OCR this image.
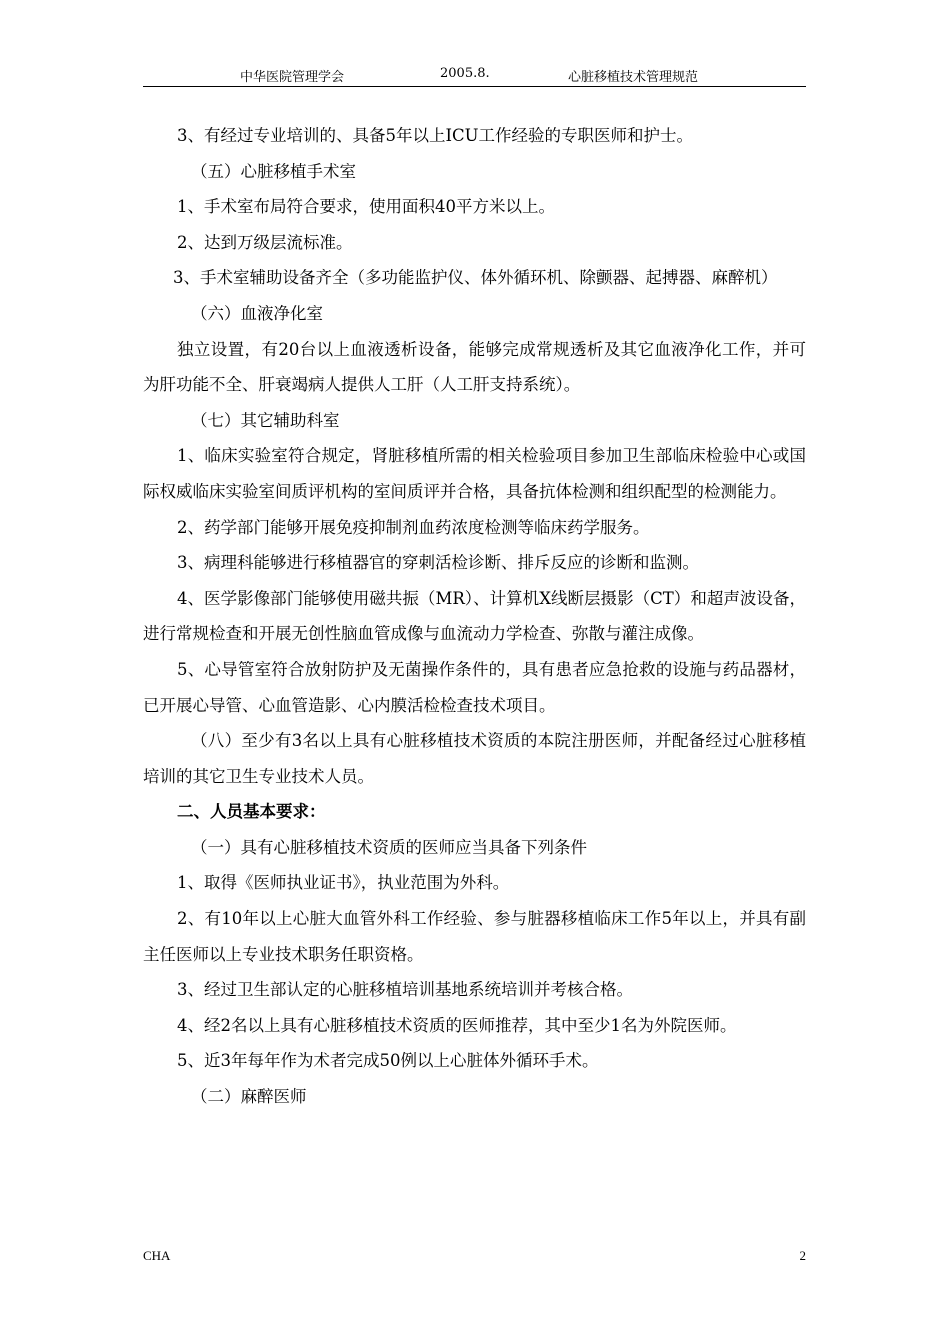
中华医院管理学会	2005.8.	心脏移植技术管理规范

3、有经过专业培训的、具备5年以上ICU工作经验的专职医师和护士。

（五）心脏移植手术室

1、手术室布局符合要求，使用面积40平方米以上。

2、达到万级层流标准。

3、手术室辅助设备齐全（多功能监护仪、体外循环机、除颤器、起搏器、麻醉机）

（六）血液净化室

独立设置，有20台以上血液透析设备，能够完成常规透析及其它血液净化工作，并可为肝功能不全、肝衰竭病人提供人工肝（人工肝支持系统）。

（七）其它辅助科室

1、临床实验室符合规定，肾脏移植所需的相关检验项目参加卫生部临床检验中心或国际权威临床实验室间质评机构的室间质评并合格，具备抗体检测和组织配型的检测能力。

2、药学部门能够开展免疫抑制剂血药浓度检测等临床药学服务。

3、病理科能够进行移植器官的穿刺活检诊断、排斥反应的诊断和监测。

4、医学影像部门能够使用磁共振（MR）、计算机X线断层摄影（CT）和超声波设备，进行常规检查和开展无创性脑血管成像与血流动力学检查、弥散与灌注成像。

5、心导管室符合放射防护及无菌操作条件的，具有患者应急抢救的设施与药品器材，已开展心导管、心血管造影、心内膜活检检查技术项目。

（八）至少有3名以上具有心脏移植技术资质的本院注册医师，并配备经过心脏移植培训的其它卫生专业技术人员。

二、人员基本要求：

（一）具有心脏移植技术资质的医师应当具备下列条件

1、取得《医师执业证书》，执业范围为外科。

2、有10年以上心脏大血管外科工作经验、参与脏器移植临床工作5年以上，并具有副主任医师以上专业技术职务任职资格。

3、经过卫生部认定的心脏移植培训基地系统培训并考核合格。

4、经2名以上具有心脏移植技术资质的医师推荐，其中至少1名为外院医师。

5、近3年每年作为术者完成50例以上心脏体外循环手术。

（二）麻醉医师

CHA	2
